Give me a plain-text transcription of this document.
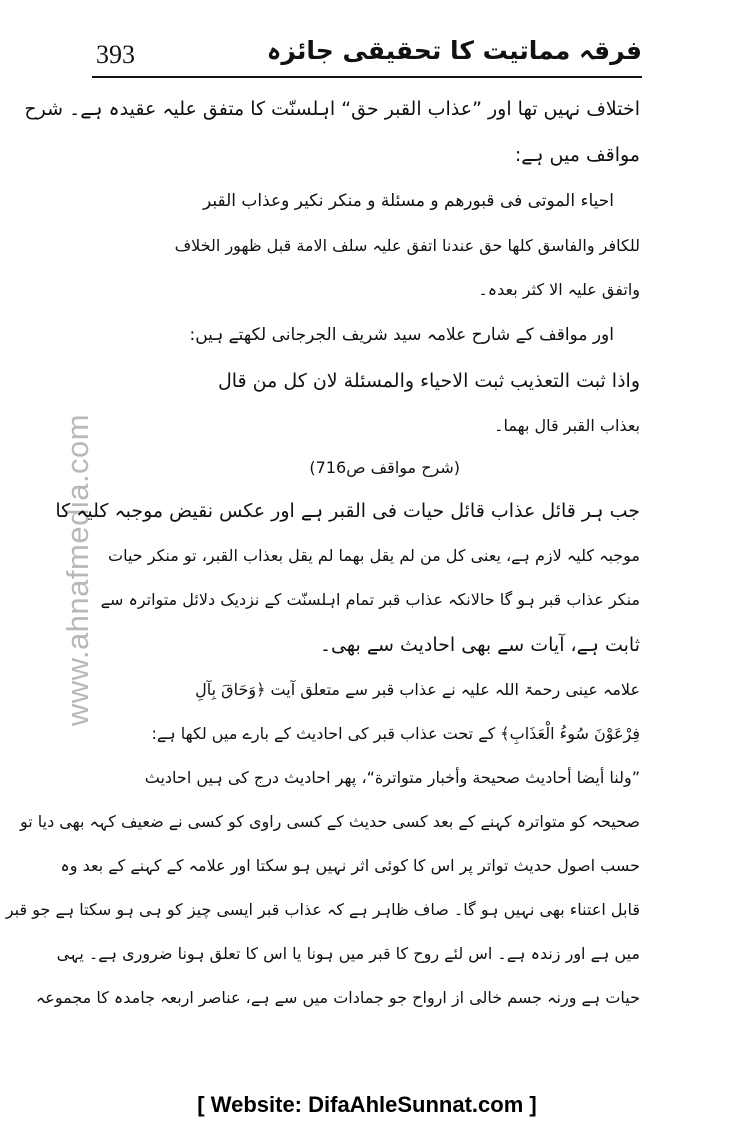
393	فرقہ مماتیت کا تحقیقی جائزہ
www.ahnafmedia.com
اختلاف نہیں تھا اور ”عذاب القبر حق“ اہلسنّت کا متفق علیہ عقیدہ ہے۔ شرح
مواقف میں ہے:
احیاء الموتی فی قبورھم و مسئلة و منکر نکیر وعذاب القبر
للکافر والفاسق کلھا حق عندنا اتفق علیہ سلف الامة قبل ظھور الخلاف
واتفق علیہ الا کثر بعدہ۔
اور مواقف کے شارح علامہ سید شریف الجرجانی لکھتے ہیں:
واذا ثبت التعذیب ثبت الاحیاء والمسئلة لان کل من قال
بعذاب القبر قال بھما۔
(شرح مواقف ص716)
جب ہر قائل عذاب قائل حیات فی القبر ہے اور عکس نقیض موجبہ کلیہ کا
موجبہ کلیہ لازم ہے، یعنی کل من لم یقل بھما لم یقل بعذاب القبر، تو منکر حیات
منکر عذاب قبر ہو گا حالانکہ عذاب قبر تمام اہلسنّت کے نزدیک دلائل متواترہ سے
ثابت ہے، آیات سے بھی احادیث سے بھی۔
علامہ عینی رحمۃ اللہ علیہ نے عذاب قبر سے متعلق آیت ﴿وَحَاقَ بِآلِ
فِرْعَوْنَ سُوءُ الْعَذَابِ﴾ کے تحت عذاب قبر کی احادیث کے بارے میں لکھا ہے:
”ولنا أیضا أحادیث صحیحة وأخبار متواترة“، پھر احادیث درج کی ہیں احادیث
صحیحہ کو متواترہ کہنے کے بعد کسی حدیث کے کسی راوی کو کسی نے ضعیف کہہ بھی دیا تو
حسب اصول حدیث تواتر پر اس کا کوئی اثر نہیں ہو سکتا اور علامہ کے کہنے کے بعد وہ
قابل اعتناء بھی نہیں ہو گا۔ صاف ظاہر ہے کہ عذاب قبر ایسی چیز کو ہی ہو سکتا ہے جو قبر
میں ہے اور زندہ ہے۔ اس لئے روح کا قبر میں ہونا یا اس کا تعلق ہونا ضروری ہے۔ یہی
حیات ہے ورنہ جسم خالی از ارواح جو جمادات میں سے ہے، عناصر اربعہ جامدہ کا مجموعہ
[ Website: DifaAhleSunnat.com ]
